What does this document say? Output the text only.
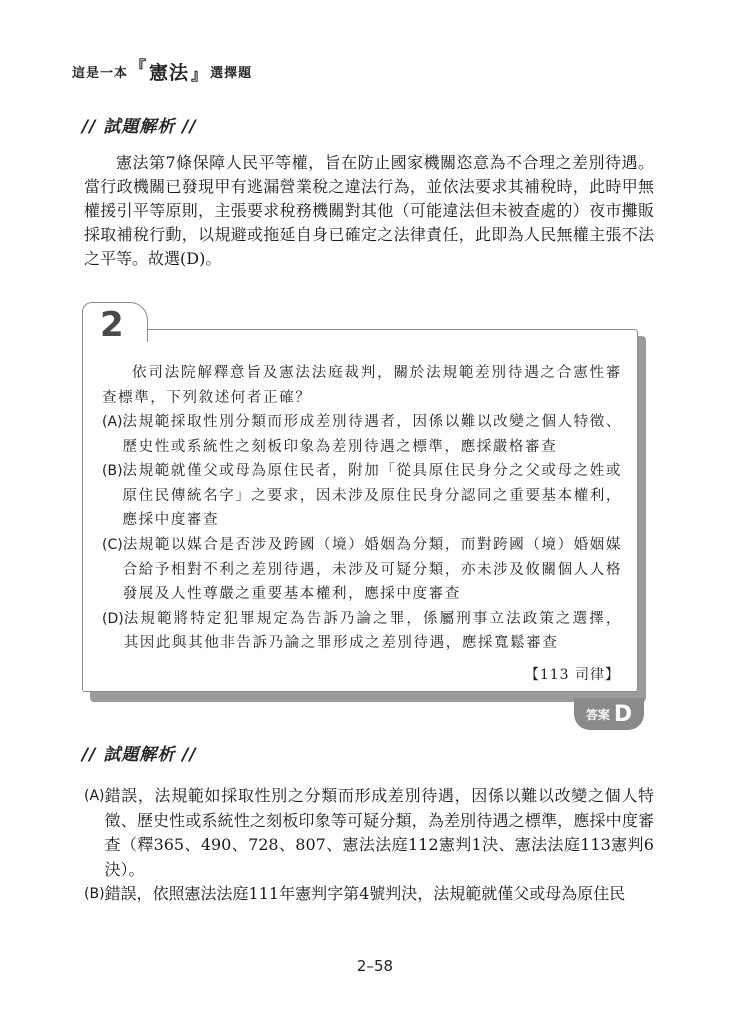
這是一本 『 憲法 』 選擇題
// 試題解析 //

憲法第7條保障人民平等權，旨在防止國家機關恣意為不合理之差別待遇。當行政機關已發現甲有逃漏營業稅之違法行為，並依法要求其補稅時，此時甲無權援引平等原則，主張要求稅務機關對其他（可能違法但未被查處的）夜市攤販採取補稅行動，以規避或拖延自身已確定之法律責任，此即為人民無權主張不法之平等。故選(D)。

2

依司法院解釋意旨及憲法法庭裁判，關於法規範差別待遇之合憲性審查標準，下列敘述何者正確？

(A) 法規範採取性別分類而形成差別待遇者，因係以難以改變之個人特徵、歷史性或系統性之刻板印象為差別待遇之標準，應採嚴格審查
(B) 法規範就僅父或母為原住民者，附加「從具原住民身分之父或母之姓或原住民傳統名字」之要求，因未涉及原住民身分認同之重要基本權利，應採中度審查
(C) 法規範以媒合是否涉及跨國（境）婚姻為分類，而對跨國（境）婚姻媒合給予相對不利之差別待遇，未涉及可疑分類，亦未涉及攸關個人人格發展及人性尊嚴之重要基本權利，應採中度審查
(D) 法規範將特定犯罪規定為告訴乃論之罪，係屬刑事立法政策之選擇，其因此與其他非告訴乃論之罪形成之差別待遇，應採寬鬆審查
【113 司律】
答案 D
// 試題解析 //
(A) 錯誤，法規範如採取性別之分類而形成差別待遇，因係以難以改變之個人特徵、歷史性或系統性之刻板印象等可疑分類，為差別待遇之標準，應採中度審查（釋365、490、728、807、憲法法庭112憲判1決、憲法法庭113憲判6決）。
(B) 錯誤，依照憲法法庭111年憲判字第4號判決，法規範就僅父或母為原住民
2–58
